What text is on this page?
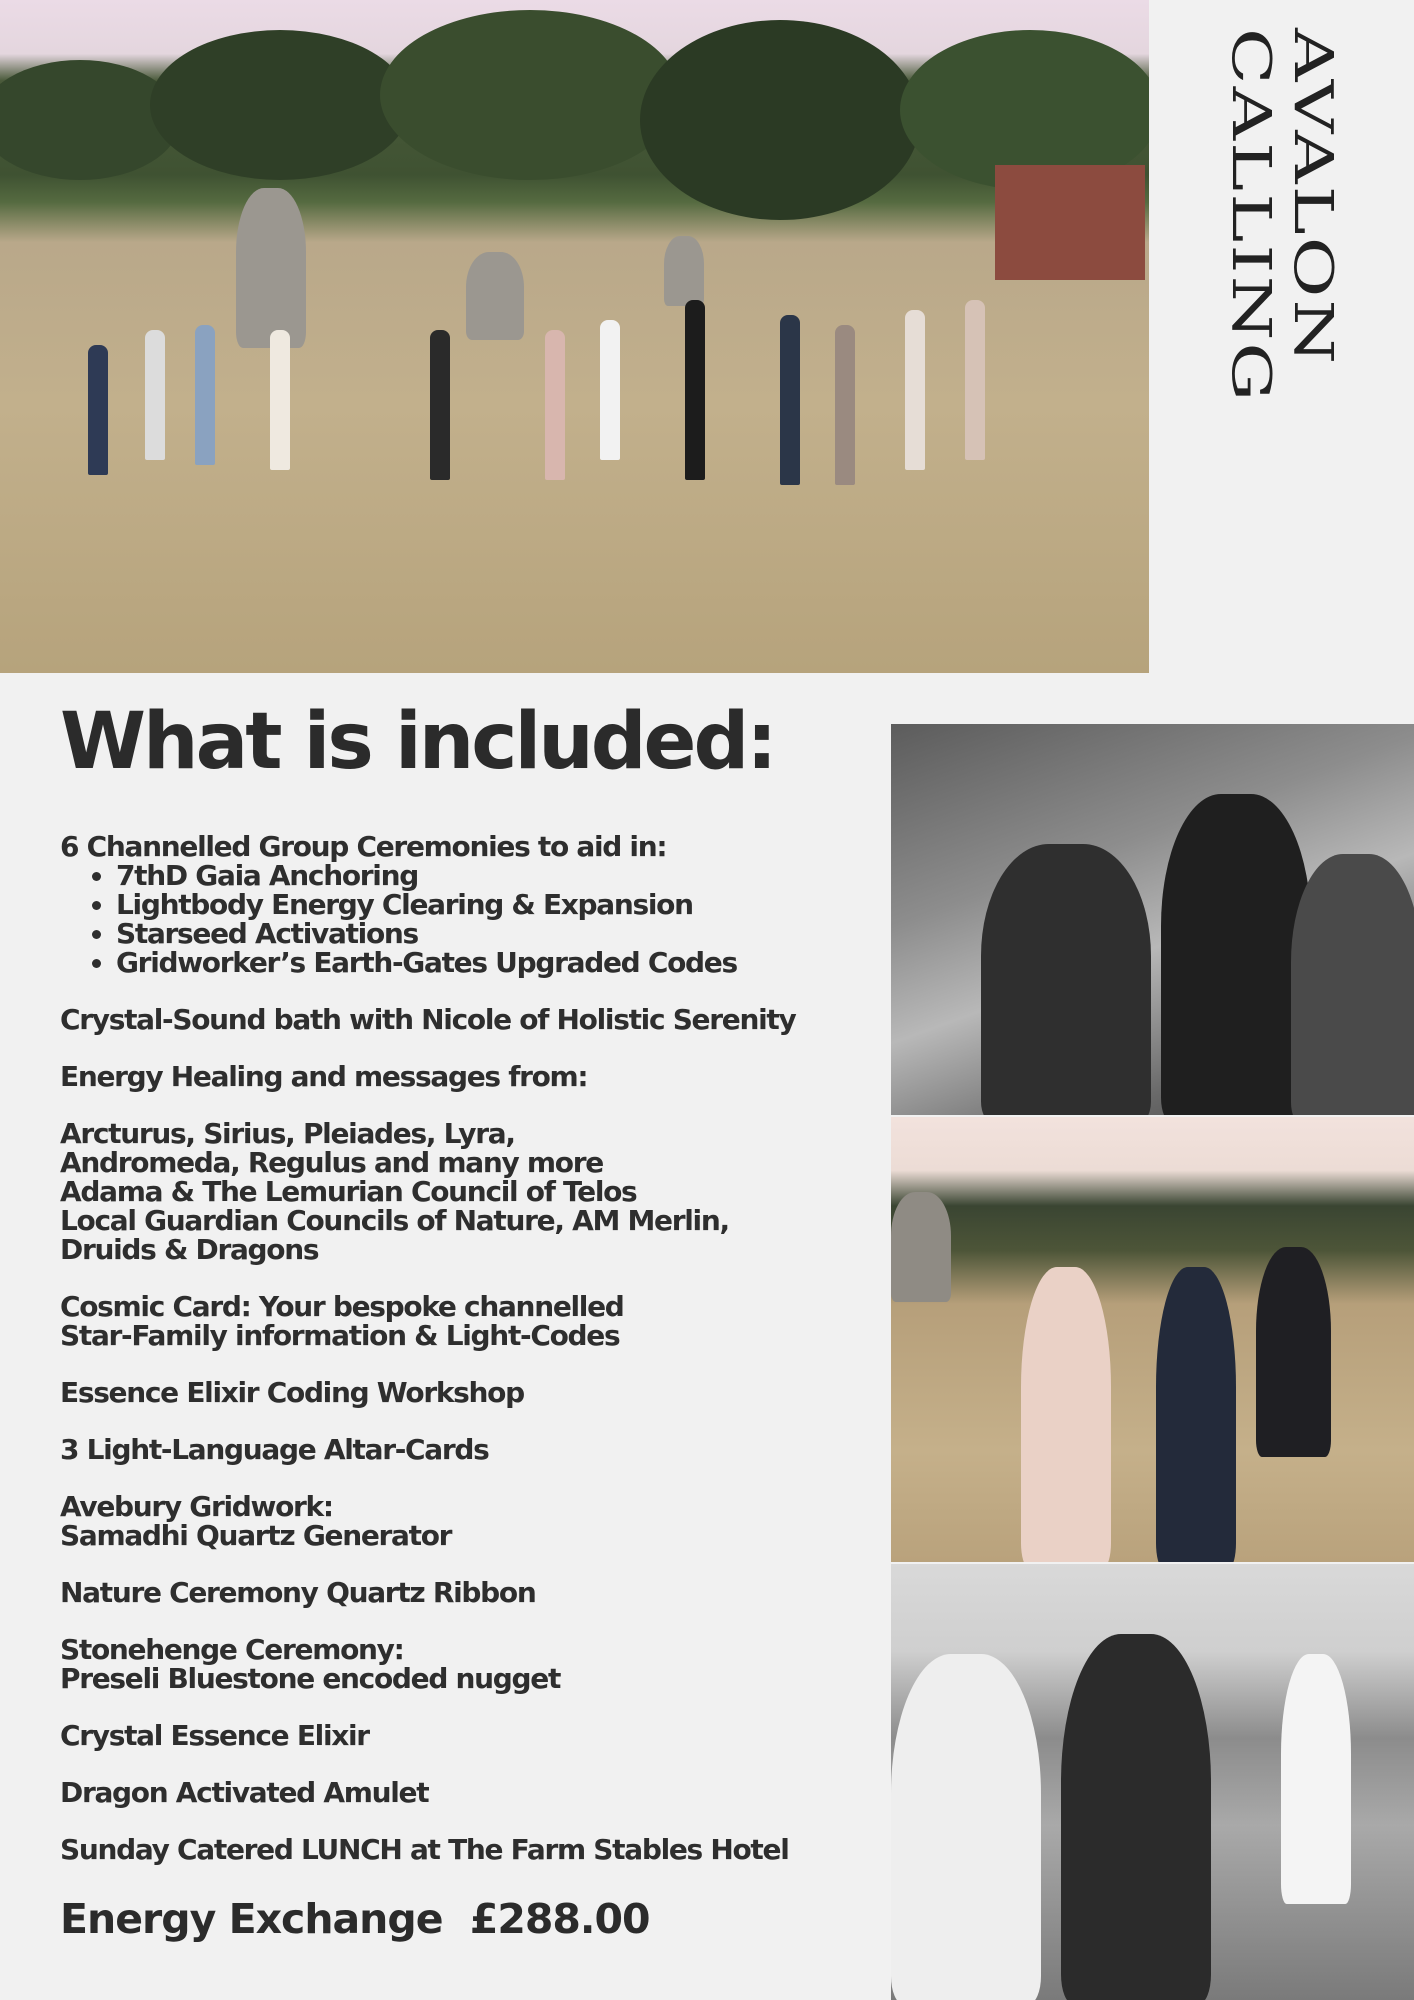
AVALON CALLING
What is included:
6 Channelled Group Ceremonies to aid in:
• 7thD Gaia Anchoring
• Lightbody Energy Clearing & Expansion
• Starseed Activations
• Gridworker’s Earth-Gates Upgraded Codes
Crystal-Sound bath with Nicole of Holistic Serenity
Energy Healing and messages from:
Arcturus, Sirius, Pleiades, Lyra,
Andromeda, Regulus and many more
Adama & The Lemurian Council of Telos
Local Guardian Councils of Nature, AM Merlin,
Druids & Dragons
Cosmic Card: Your bespoke channelled
Star-Family information & Light-Codes
Essence Elixir Coding Workshop
3 Light-Language Altar-Cards
Avebury Gridwork:
Samadhi Quartz Generator
Nature Ceremony Quartz Ribbon
Stonehenge Ceremony:
Preseli Bluestone encoded nugget
Crystal Essence Elixir
Dragon Activated Amulet
Sunday Catered LUNCH at The Farm Stables Hotel
Energy Exchange £288.00
